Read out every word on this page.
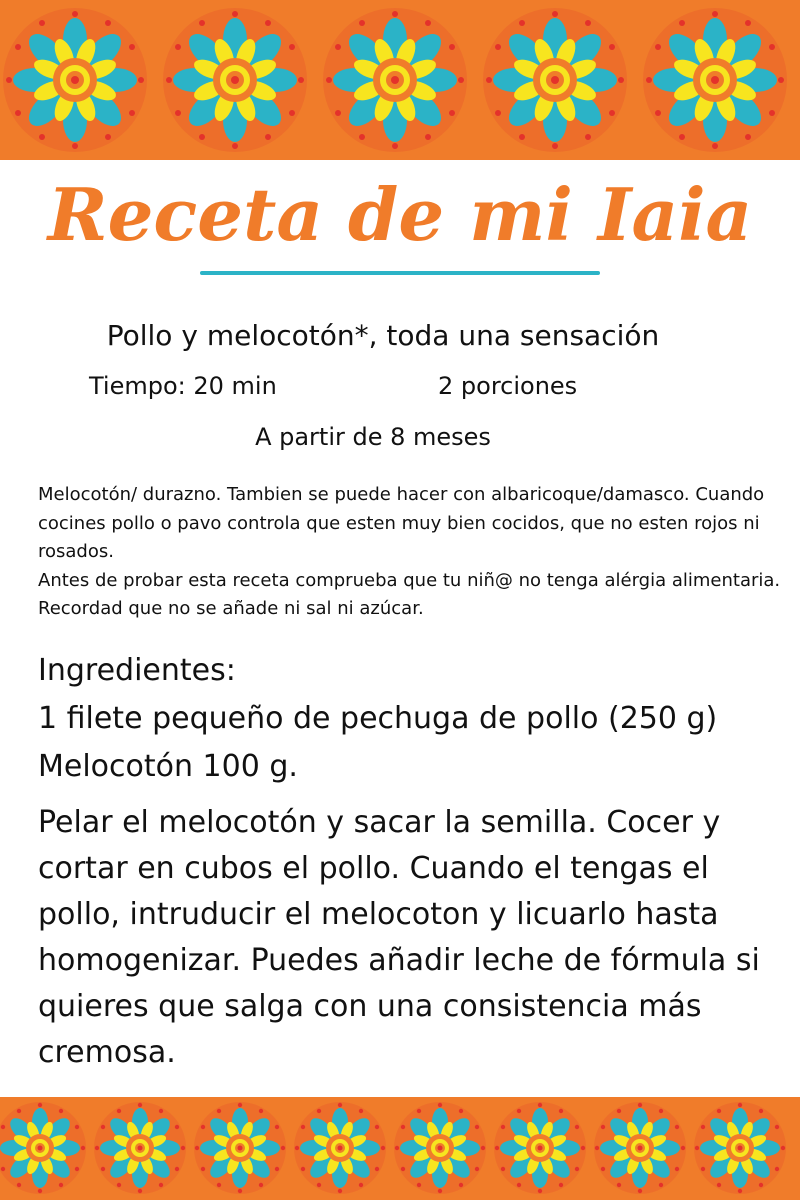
Receta de mi Iaia
Pollo y melocotón*, toda una sensación
Tiempo: 20 min	2 porciones
A partir de 8 meses

Melocotón/ durazno. Tambien se puede hacer con albaricoque/damasco. Cuando cocines pollo o pavo controla que esten muy bien cocidos, que no esten rojos ni rosados.

Antes de probar esta receta comprueba que tu niñ@ no tenga alérgia alimentaria. Recordad que no se añade ni sal ni azúcar.

Ingredientes:
1 filete pequeño de pechuga de pollo (250 g)
Melocotón 100 g.
Pelar el melocotón y sacar la semilla. Cocer y cortar en cubos el pollo. Cuando el tengas el pollo, intruducir el melocoton y licuarlo hasta homogenizar. Puedes añadir leche de fórmula si quieres que salga con una consistencia más cremosa.
